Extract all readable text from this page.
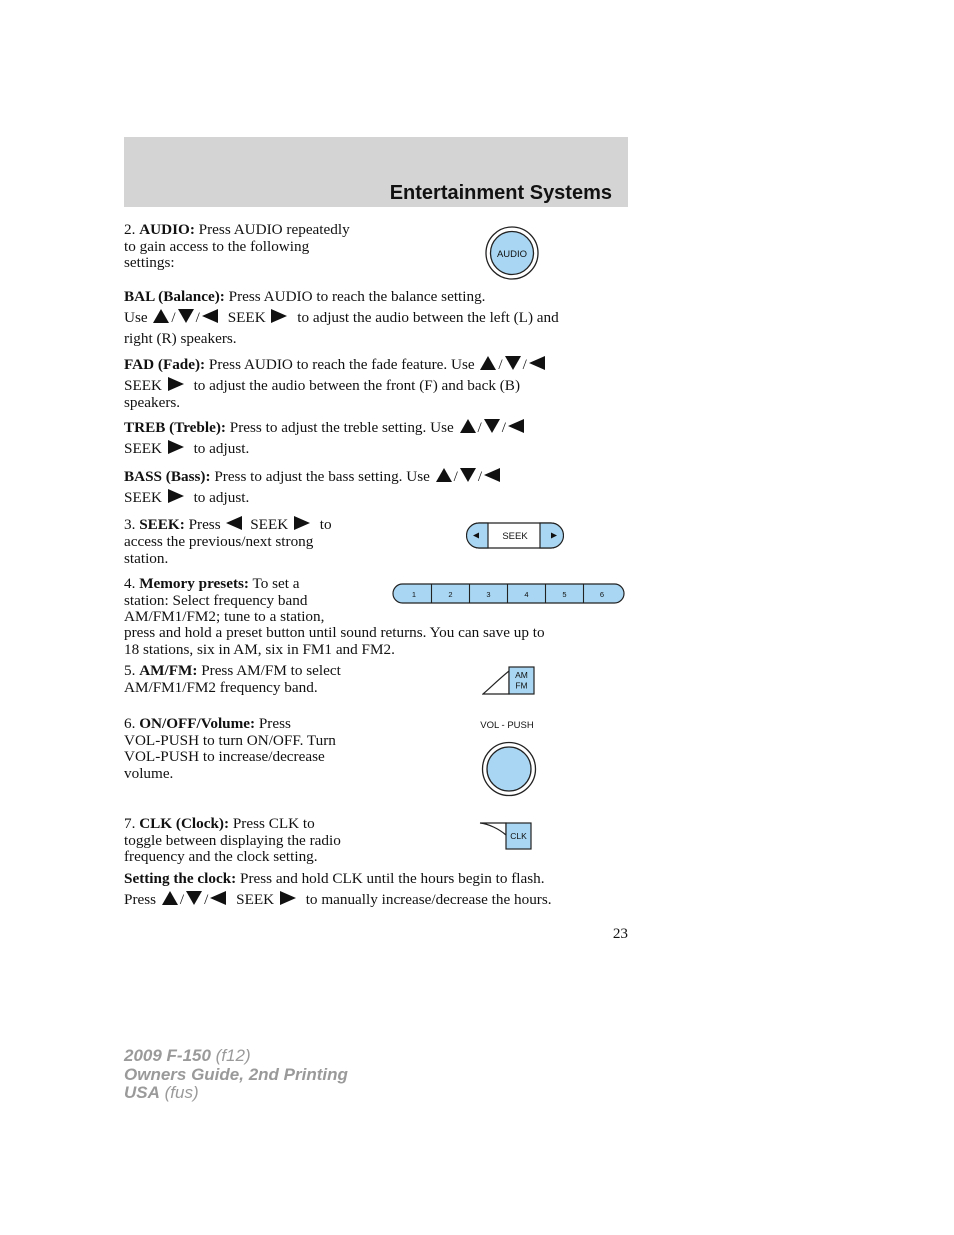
Entertainment Systems
2. AUDIO: Press AUDIO repeatedly
to gain access to the following
settings:	AUDIO
BAL (Balance): Press AUDIO to reach the balance setting.
Use / / SEEK to adjust the audio between the left (L) and
right (R) speakers.
FAD (Fade): Press AUDIO to reach the fade feature. Use / /
SEEK to adjust the audio between the front (F) and back (B)
speakers.
TREB (Treble): Press to adjust the treble setting. Use / /
SEEK to adjust.
BASS (Bass): Press to adjust the bass setting. Use / /
SEEK to adjust.
3. SEEK: Press SEEK to
access the previous/next strong
station.
SEEK
4. Memory presets: To set a
station: Select frequency band
AM/FM1/FM2; tune to a station,
press and hold a preset button until sound returns. You can save up to
18 stations, six in AM, six in FM1 and FM2.
1	2	3	4	5	6
5. AM/FM: Press AM/FM to select
AM/FM1/FM2 frequency band.
AM
FM
6. ON/OFF/Volume: Press
VOL-PUSH to turn ON/OFF. Turn
VOL-PUSH to increase/decrease
volume.
VOL - PUSH
7. CLK (Clock): Press CLK to
toggle between displaying the radio
frequency and the clock setting.
CLK
Setting the clock: Press and hold CLK until the hours begin to flash.
Press / / SEEK to manually increase/decrease the hours.
23
2009 F-150 (f12)
Owners Guide, 2nd Printing
USA (fus)
